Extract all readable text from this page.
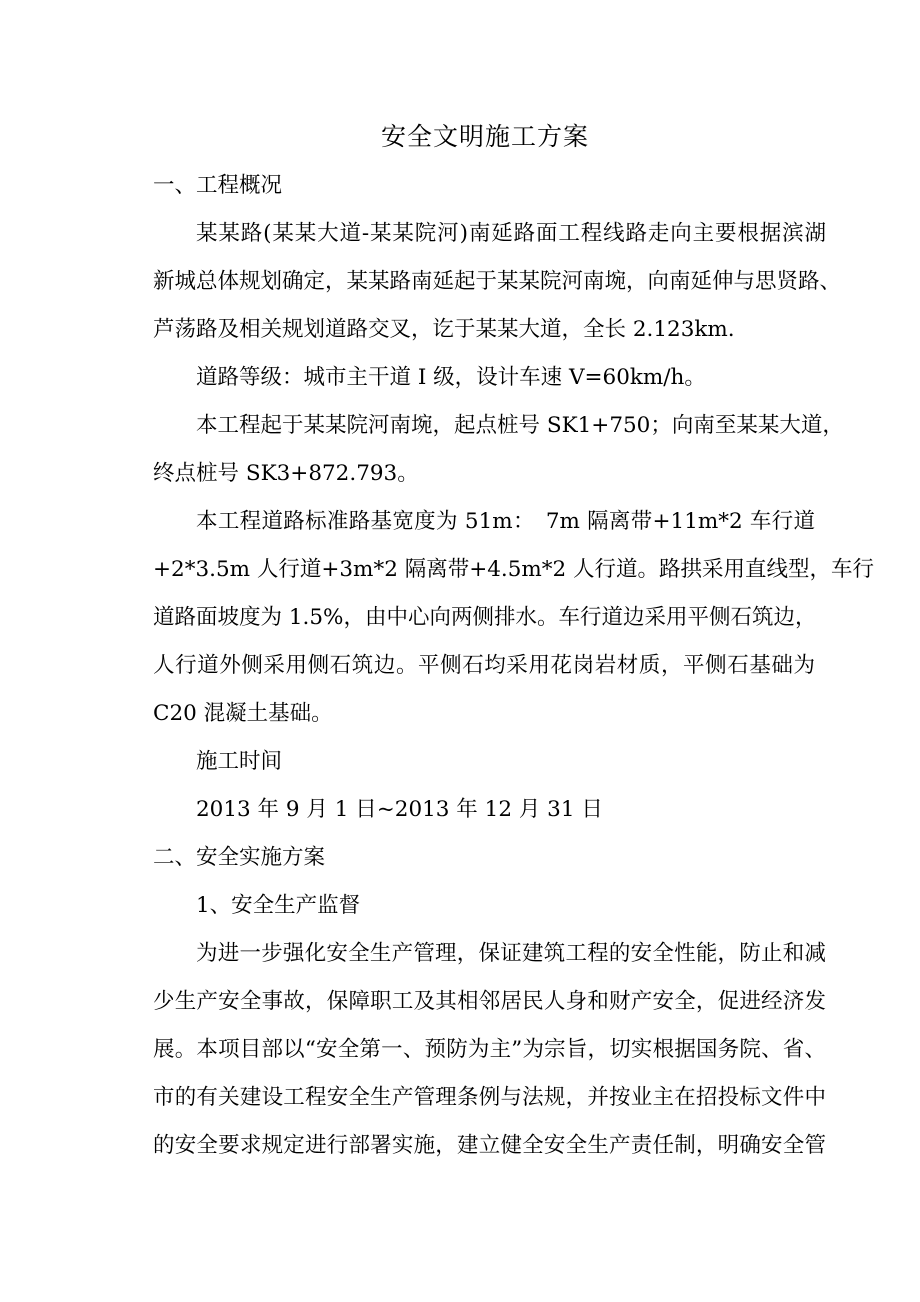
安全文明施工方案
一、工程概况
某某路(某某大道-某某院河)南延路面工程线路走向主要根据滨湖
新城总体规划确定，某某路南延起于某某院河南埦，向南延伸与思贤路、
芦荡路及相关规划道路交叉，讫于某某大道，全长 2.123km.
道路等级：城市主干道 I 级，设计车速 V=60km/h。
本工程起于某某院河南埦，起点桩号 SK1+750；向南至某某大道，
终点桩号 SK3+872.793。
本工程道路标准路基宽度为 51m：　7m 隔离带+11m*2 车行道
+2*3.5m 人行道+3m*2 隔离带+4.5m*2 人行道。路拱采用直线型，车行
道路面坡度为 1.5%，由中心向两侧排水。车行道边采用平侧石筑边，
人行道外侧采用侧石筑边。平侧石均采用花岗岩材质，平侧石基础为
C20 混凝土基础。
施工时间
2013 年 9 月 1 日~2013 年 12 月 31 日
二、安全实施方案
1、安全生产监督
为进一步强化安全生产管理，保证建筑工程的安全性能，防止和减
少生产安全事故，保障职工及其相邻居民人身和财产安全，促进经济发
展。本项目部以“安全第一、预防为主”为宗旨，切实根据国务院、省、
市的有关建设工程安全生产管理条例与法规，并按业主在招投标文件中
的安全要求规定进行部署实施，建立健全安全生产责任制，明确安全管
